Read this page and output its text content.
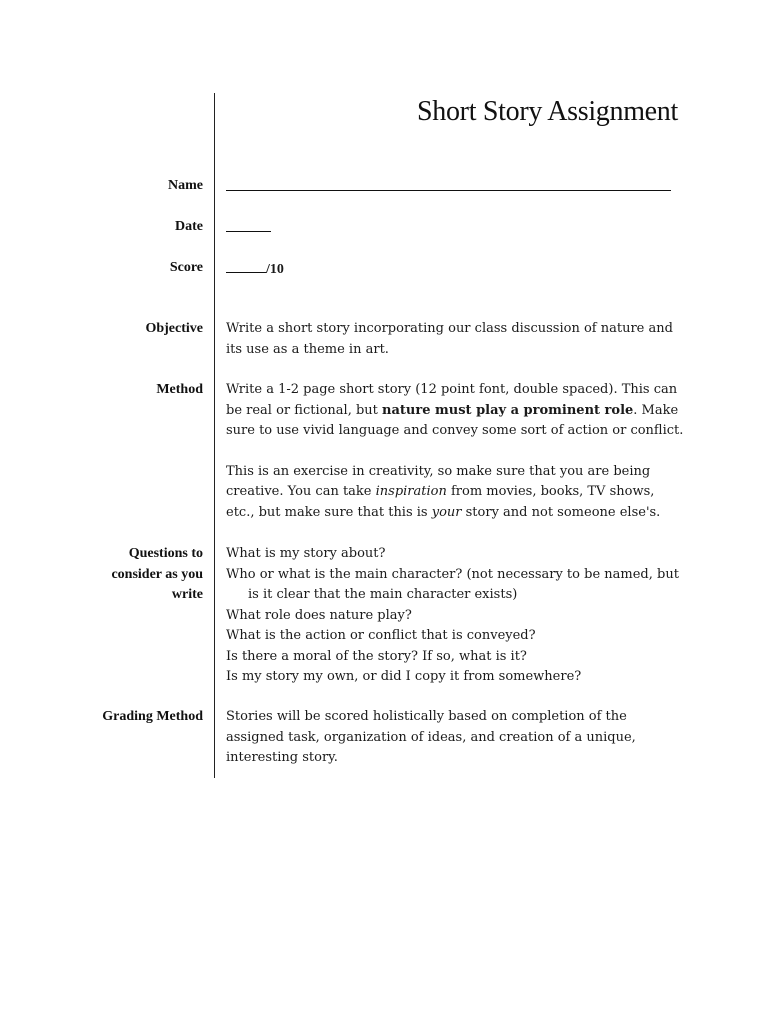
Short Story Assignment
Name
Date
Score	/10
Objective Write a short story incorporating our class discussion of nature and its use as a theme in art.

Method Write a 1-2 page short story (12 point font, double spaced). This can be real or fictional, but nature must play a prominent role. Make sure to use vivid language and convey some sort of action or conflict.

This is an exercise in creativity, so make sure that you are being creative. You can take inspiration from movies, books, TV shows, etc., but make sure that this is your story and not someone else's.

Questions to consider as you write
What is my story about?
Who or what is the main character? (not necessary to be named, but is it clear that the main character exists)
What role does nature play?
What is the action or conflict that is conveyed?
Is there a moral of the story? If so, what is it?
Is my story my own, or did I copy it from somewhere?
Grading Method Stories will be scored holistically based on completion of the assigned task, organization of ideas, and creation of a unique, interesting story.
